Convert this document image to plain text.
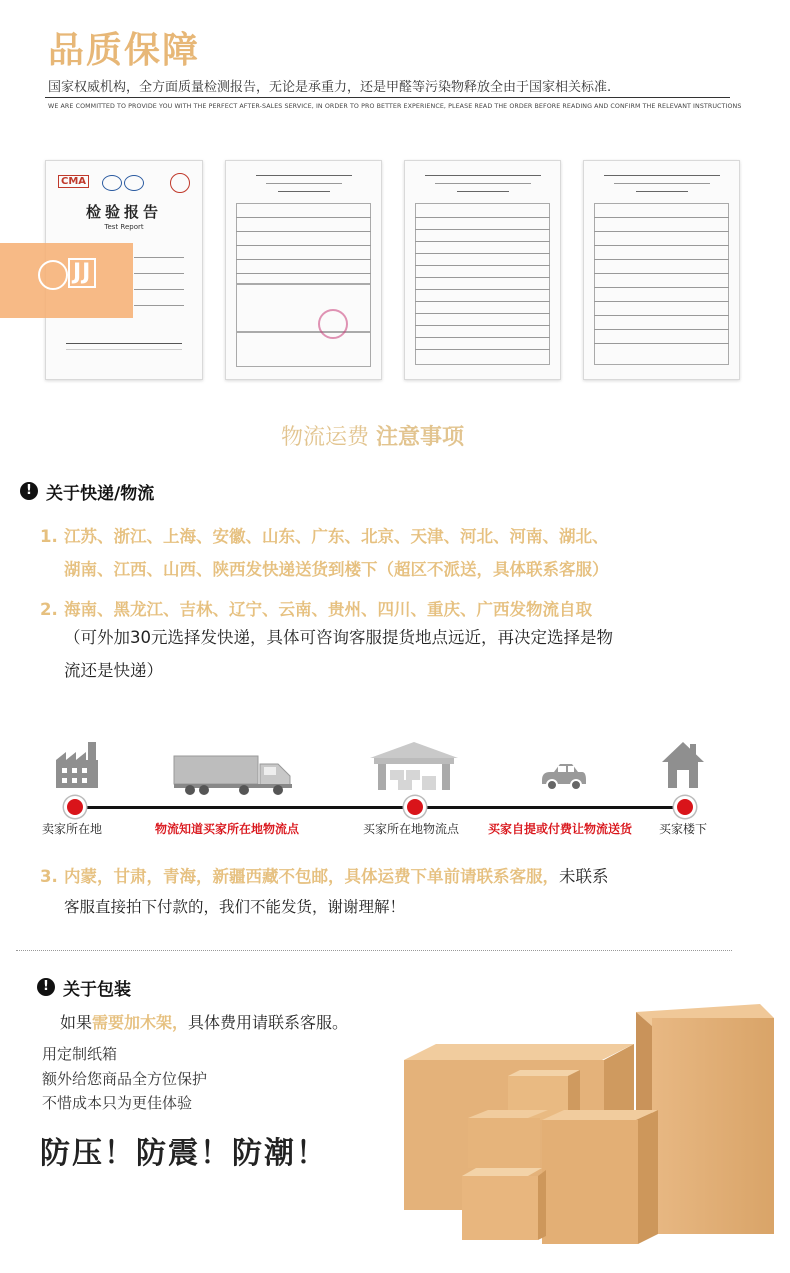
品质保障
国家权威机构，全方面质量检测报告，无论是承重力，还是甲醛等污染物释放全由于国家相关标准.
WE ARE COMMITTED TO PROVIDE YOU WITH THE PERFECT AFTER-SALES SERVICE, IN ORDER TO PRO BETTER EXPERIENCE, PLEASE READ THE ORDER BEFORE READING AND CONFIRM THE RELEVANT INSTRUCTIONS
CMA
检验报告
Test Report
JJ
物流运费 注意事项
! 关于快递/物流
1. 江苏、浙江、上海、安徽、山东、广东、北京、天津、河北、河南、湖北、
湖南、江西、山西、陕西发快递送货到楼下（超区不派送，具体联系客服）
2. 海南、黑龙江、吉林、辽宁、云南、贵州、四川、重庆、广西发物流自取
（可外加30元选择发快递，具体可咨询客服提货地点远近，再决定选择是物
流还是快递）
卖家所在地	物流知道买家所在地物流点	买家所在地物流点 买家自提或付费让物流送货 买家楼下
3. 内蒙，甘肃，青海，新疆西藏不包邮，具体运费下单前请联系客服，未联系
客服直接拍下付款的，我们不能发货，谢谢理解！
! 关于包装
如果需要加木架，具体费用请联系客服。
用定制纸箱
额外给您商品全方位保护
不惜成本只为更佳体验
防压！防震！防潮！
